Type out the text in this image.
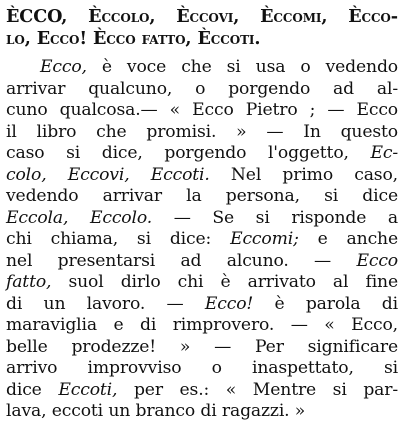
ÈCCO, Èccolo, Èccovi, Èccomi, Ècco-
lo, Ecco! Ècco fatto, Èccoti.
Ecco, è voce che si usa o vedendo
arrivar qualcuno, o porgendo ad al-
cuno qualcosa.— « Ecco Pietro ; — Ecco
il libro che promisi. » — In questo
caso si dice, porgendo l'oggetto, Ec-
colo, Eccovi, Eccoti. Nel primo caso,
vedendo arrivar la persona, si dice
Eccola, Eccolo. — Se si risponde a
chi chiama, si dice: Eccomi; e anche
nel presentarsi ad alcuno. — Ecco
fatto, suol dirlo chi è arrivato al fine
di un lavoro. — Ecco! è parola di
maraviglia e di rimprovero. — « Ecco,
belle prodezze! » — Per significare
arrivo improvviso o inaspettato, si
dice Eccoti, per es.: « Mentre si par-
lava, eccoti un branco di ragazzi. »
